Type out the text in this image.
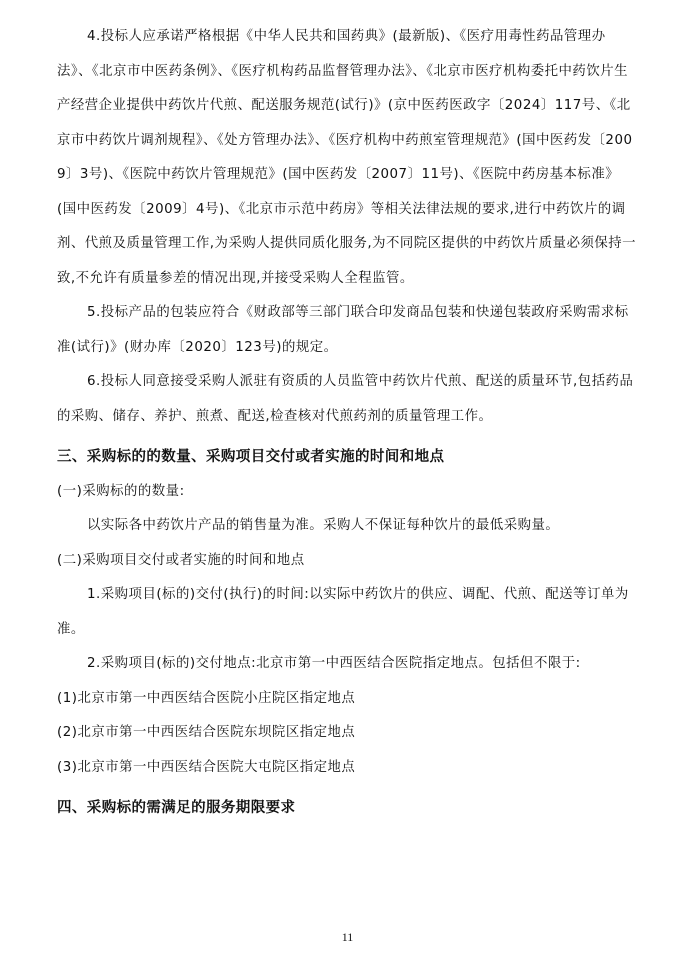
4.投标人应承诺严格根据《中华人民共和国药典》(最新版)、《医疗用毒性药品管理办法》、《北京市中医药条例》、《医疗机构药品监督管理办法》、《北京市医疗机构委托中药饮片生产经营企业提供中药饮片代煎、配送服务规范(试行)》(京中医药医政字〔2024〕117号、《北京市中药饮片调剂规程》、《处方管理办法》、《医疗机构中药煎室管理规范》(国中医药发〔2009〕3号)、《医院中药饮片管理规范》(国中医药发〔2007〕11号)、《医院中药房基本标准》(国中医药发〔2009〕4号)、《北京市示范中药房》等相关法律法规的要求,进行中药饮片的调剂、代煎及质量管理工作,为采购人提供同质化服务,为不同院区提供的中药饮片质量必须保持一致,不允许有质量参差的情况出现,并接受采购人全程监管。

5.投标产品的包装应符合《财政部等三部门联合印发商品包装和快递包装政府采购需求标准(试行)》(财办库〔2020〕123号)的规定。

6.投标人同意接受采购人派驻有资质的人员监管中药饮片代煎、配送的质量环节,包括药品的采购、储存、养护、煎煮、配送,检查核对代煎药剂的质量管理工作。

三、采购标的的数量、采购项目交付或者实施的时间和地点

(一)采购标的的数量:

以实际各中药饮片产品的销售量为准。采购人不保证每种饮片的最低采购量。

(二)采购项目交付或者实施的时间和地点

1.采购项目(标的)交付(执行)的时间:以实际中药饮片的供应、调配、代煎、配送等订单为准。

2.采购项目(标的)交付地点:北京市第一中西医结合医院指定地点。包括但不限于:

(1)北京市第一中西医结合医院小庄院区指定地点

(2)北京市第一中西医结合医院东坝院区指定地点

(3)北京市第一中西医结合医院大屯院区指定地点

四、采购标的需满足的服务期限要求

11
